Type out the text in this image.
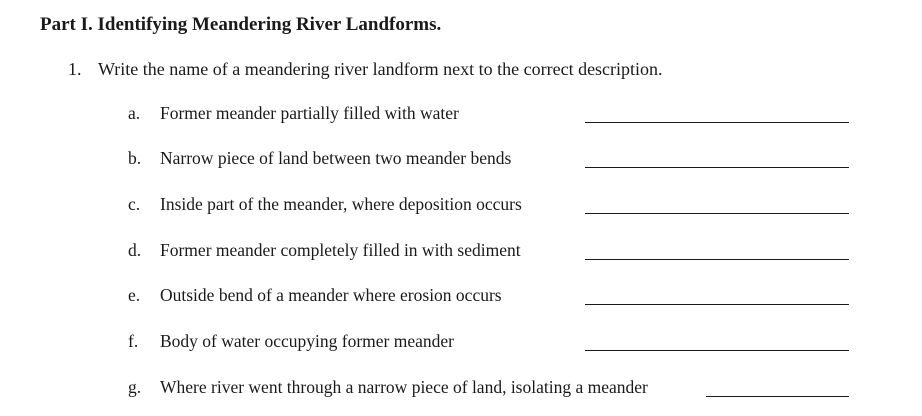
Part I. Identifying Meandering River Landforms.
1. Write the name of a meandering river landform next to the correct description.
a. Former meander partially filled with water
b. Narrow piece of land between two meander bends
c. Inside part of the meander, where deposition occurs
d. Former meander completely filled in with sediment
e. Outside bend of a meander where erosion occurs
f. Body of water occupying former meander
g. Where river went through a narrow piece of land, isolating a meander
